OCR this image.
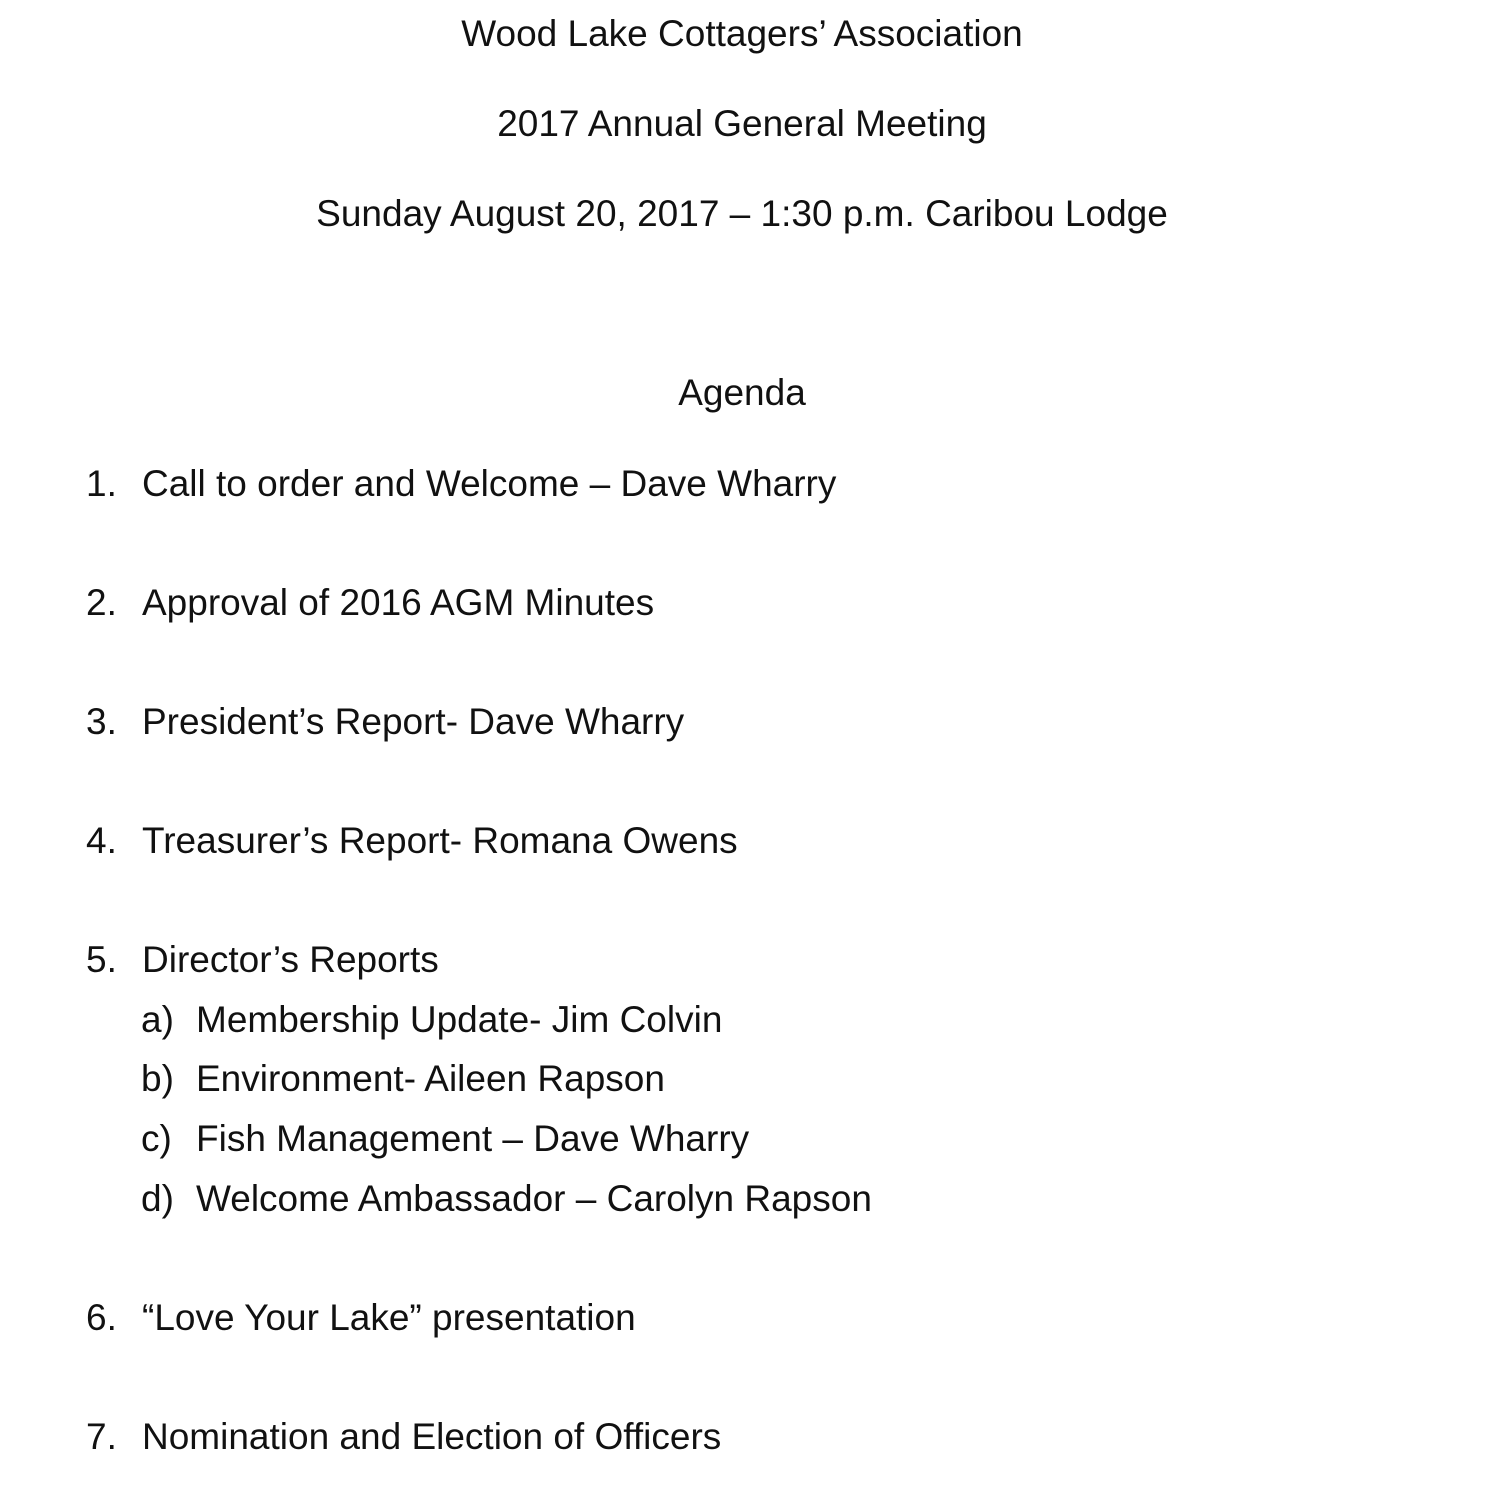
Wood Lake Cottagers’ Association
2017 Annual General Meeting
Sunday August 20, 2017 – 1:30 p.m. Caribou Lodge
Agenda
1. Call to order and Welcome – Dave Wharry
2. Approval of 2016 AGM Minutes
3. President’s Report- Dave Wharry
4. Treasurer’s Report- Romana Owens
5. Director’s Reports
a) Membership Update- Jim Colvin
b) Environment- Aileen Rapson
c) Fish Management – Dave Wharry
d) Welcome Ambassador – Carolyn Rapson
6. “Love Your Lake” presentation
7. Nomination and Election of Officers
